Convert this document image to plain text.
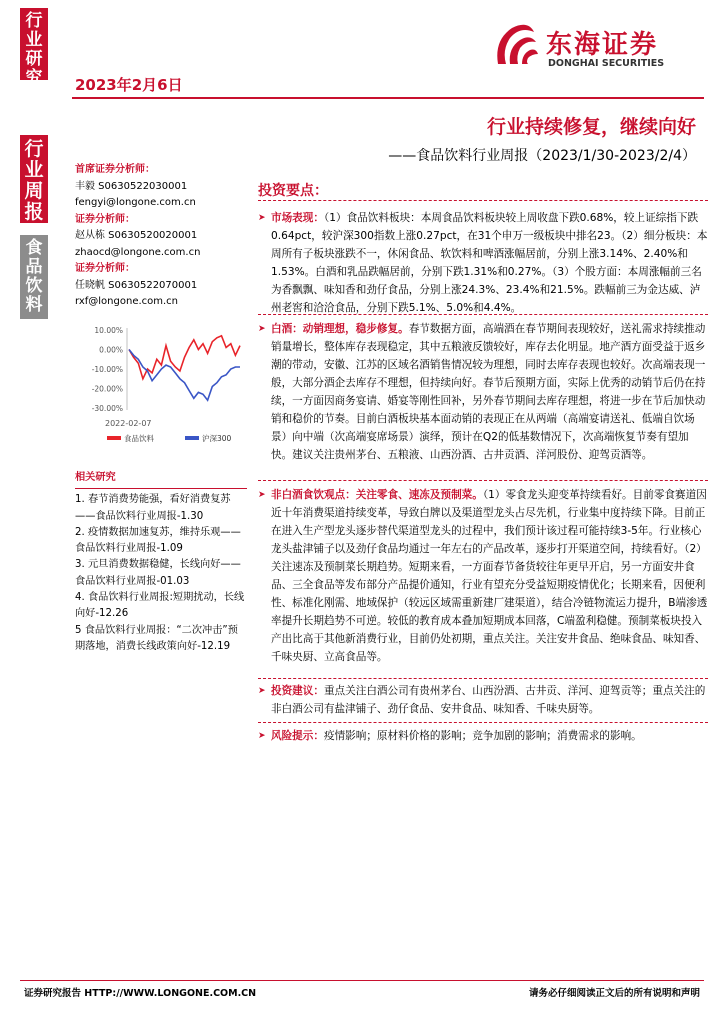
行业研究
行业周报
食品饮料
2023年2月6日
东海证券
DONGHAI SECURITIES
行业持续修复，继续向好
——食品饮料行业周报（2023/1/30-2023/2/4）
首席证券分析师：
丰毅 S0630522030001
fengyi@longone.com.cn
证券分析师：
赵从栋 S0630520020001
zhaocd@longone.com.cn
证券分析师：
任晓帆 S0630522070001
rxf@longone.com.cn
10.00%
0.00%
-10.00%
-20.00%
-30.00%
2022-02-07
食品饮料	沪深300
相关研究
1. 春节消费势能强，看好消费复苏——食品饮料行业周报-1.30
2. 疫情数据加速复苏，维持乐观——食品饮料行业周报-1.09
3. 元旦消费数据稳健，长线向好——食品饮料行业周报-01.03
4. 食品饮料行业周报:短期扰动，长线向好-12.26
5 食品饮料行业周报：“二次冲击”预期落地，消费长线政策向好-12.19
投资要点：
➤ 市场表现：（1）食品饮料板块：本周食品饮料板块较上周收盘下跌0.68%，较上证综指下跌0.64pct，较沪深300指数上涨0.27pct，在31个申万一级板块中排名23。（2）细分板块：本周所有子板块涨跌不一，休闲食品、软饮料和啤酒涨幅居前，分别上涨3.14%、2.40%和1.53%。白酒和乳品跌幅居前，分别下跌1.31%和0.27%。（3）个股方面：本周涨幅前三名为香飘飘、味知香和劲仔食品，分别上涨24.3%、23.4%和21.5%。跌幅前三为金达威、泸州老窖和洽洽食品，分别下跌5.1%、5.0%和4.4%。
➤ 白酒：动销理想，稳步修复。春节数据方面，高端酒在春节期间表现较好，送礼需求持续推动销量增长，整体库存表现稳定，其中五粮液反馈较好，库存去化明显。地产酒方面受益于返乡潮的带动，安徽、江苏的区域名酒销售情况较为理想，同时去库存表现也较好。次高端表现一般，大部分酒企去库存不理想，但持续向好。春节后预期方面，实际上优秀的动销节后仍在持续，一方面因商务宴请、婚宴等刚性回补，另外春节期间去库存理想，将进一步在节后加快动销和稳价的节奏。目前白酒板块基本面动销的表现正在从两端（高端宴请送礼、低端自饮场景）向中端（次高端宴席场景）演绎，预计在Q2的低基数情况下，次高端恢复节奏有望加快。建议关注贵州茅台、五粮液、山西汾酒、古井贡酒、洋河股份、迎驾贡酒等。
➤ 非白酒食饮观点：关注零食、速冻及预制菜。（1）零食龙头迎变革持续看好。目前零食赛道因近十年消费渠道持续变革，导致白牌以及渠道型龙头占尽先机，行业集中度持续下降。目前正在进入生产型龙头逐步替代渠道型龙头的过程中，我们预计该过程可能持续3-5年。行业核心龙头盐津铺子以及劲仔食品均通过一年左右的产品改革，逐步打开渠道空间，持续看好。（2）关注速冻及预制菜长期趋势。短期来看，一方面春节备货较往年更早开启，另一方面安井食品、三全食品等发布部分产品提价通知，行业有望充分受益短期疫情优化；长期来看，因便利性、标准化刚需、地域保护（较远区域需重新建厂建渠道），结合冷链物流运力提升，B端渗透率提升长期趋势不可逆。较低的教育成本叠加短期成本回落，C端盈利稳健。预制菜板块投入产出比高于其他新消费行业，目前仍处初期，重点关注。关注安井食品、绝味食品、味知香、千味央厨、立高食品等。
➤ 投资建议：重点关注白酒公司有贵州茅台、山西汾酒、古井贡、洋河、迎驾贡等；重点关注的非白酒公司有盐津铺子、劲仔食品、安井食品、味知香、千味央厨等。
➤ 风险提示：疫情影响；原材料价格的影响；竞争加剧的影响；消费需求的影响。
证券研究报告 HTTP://WWW.LONGONE.COM.CN	请务必仔细阅读正文后的所有说明和声明
